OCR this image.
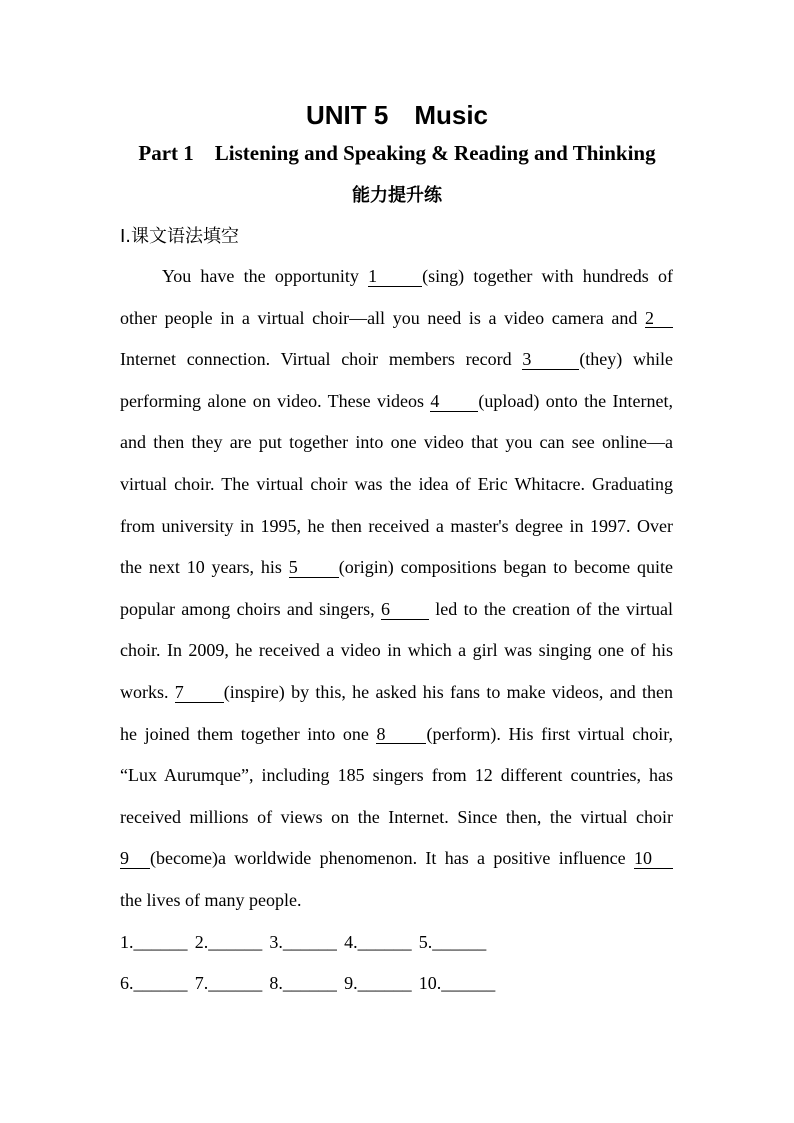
UNIT 5　Music
Part 1　Listening and Speaking & Reading and Thinking
能力提升练
Ⅰ.课文语法填空
You have the opportunity 1	(sing) together with hundreds of
other people in a virtual choir—all you need is a video camera and 2
Internet connection. Virtual choir members record 3	(they) while
performing alone on video. These videos 4 (upload) onto the Internet,
and then they are put together into one video that you can see online—a
virtual choir. The virtual choir was the idea of Eric Whitacre. Graduating
from university in 1995, he then received a master's degree in 1997. Over
the next 10 years, his 5 (origin) compositions began to become quite
popular among choirs and singers, 6 led to the creation of the virtual
choir. In 2009, he received a video in which a girl was singing one of his
works. 7 (inspire) by this, he asked his fans to make videos, and then
he joined them together into one 8 (perform). His first virtual choir,
“Lux Aurumque”, including 185 singers from 12 different countries, has
received millions of views on the Internet. Since then, the virtual choir
9 (become)a worldwide phenomenon. It has a positive influence 10
the lives of many people.
1.______ 2.______ 3.______ 4.______ 5.______
6.______ 7.______ 8.______ 9.______ 10.______
